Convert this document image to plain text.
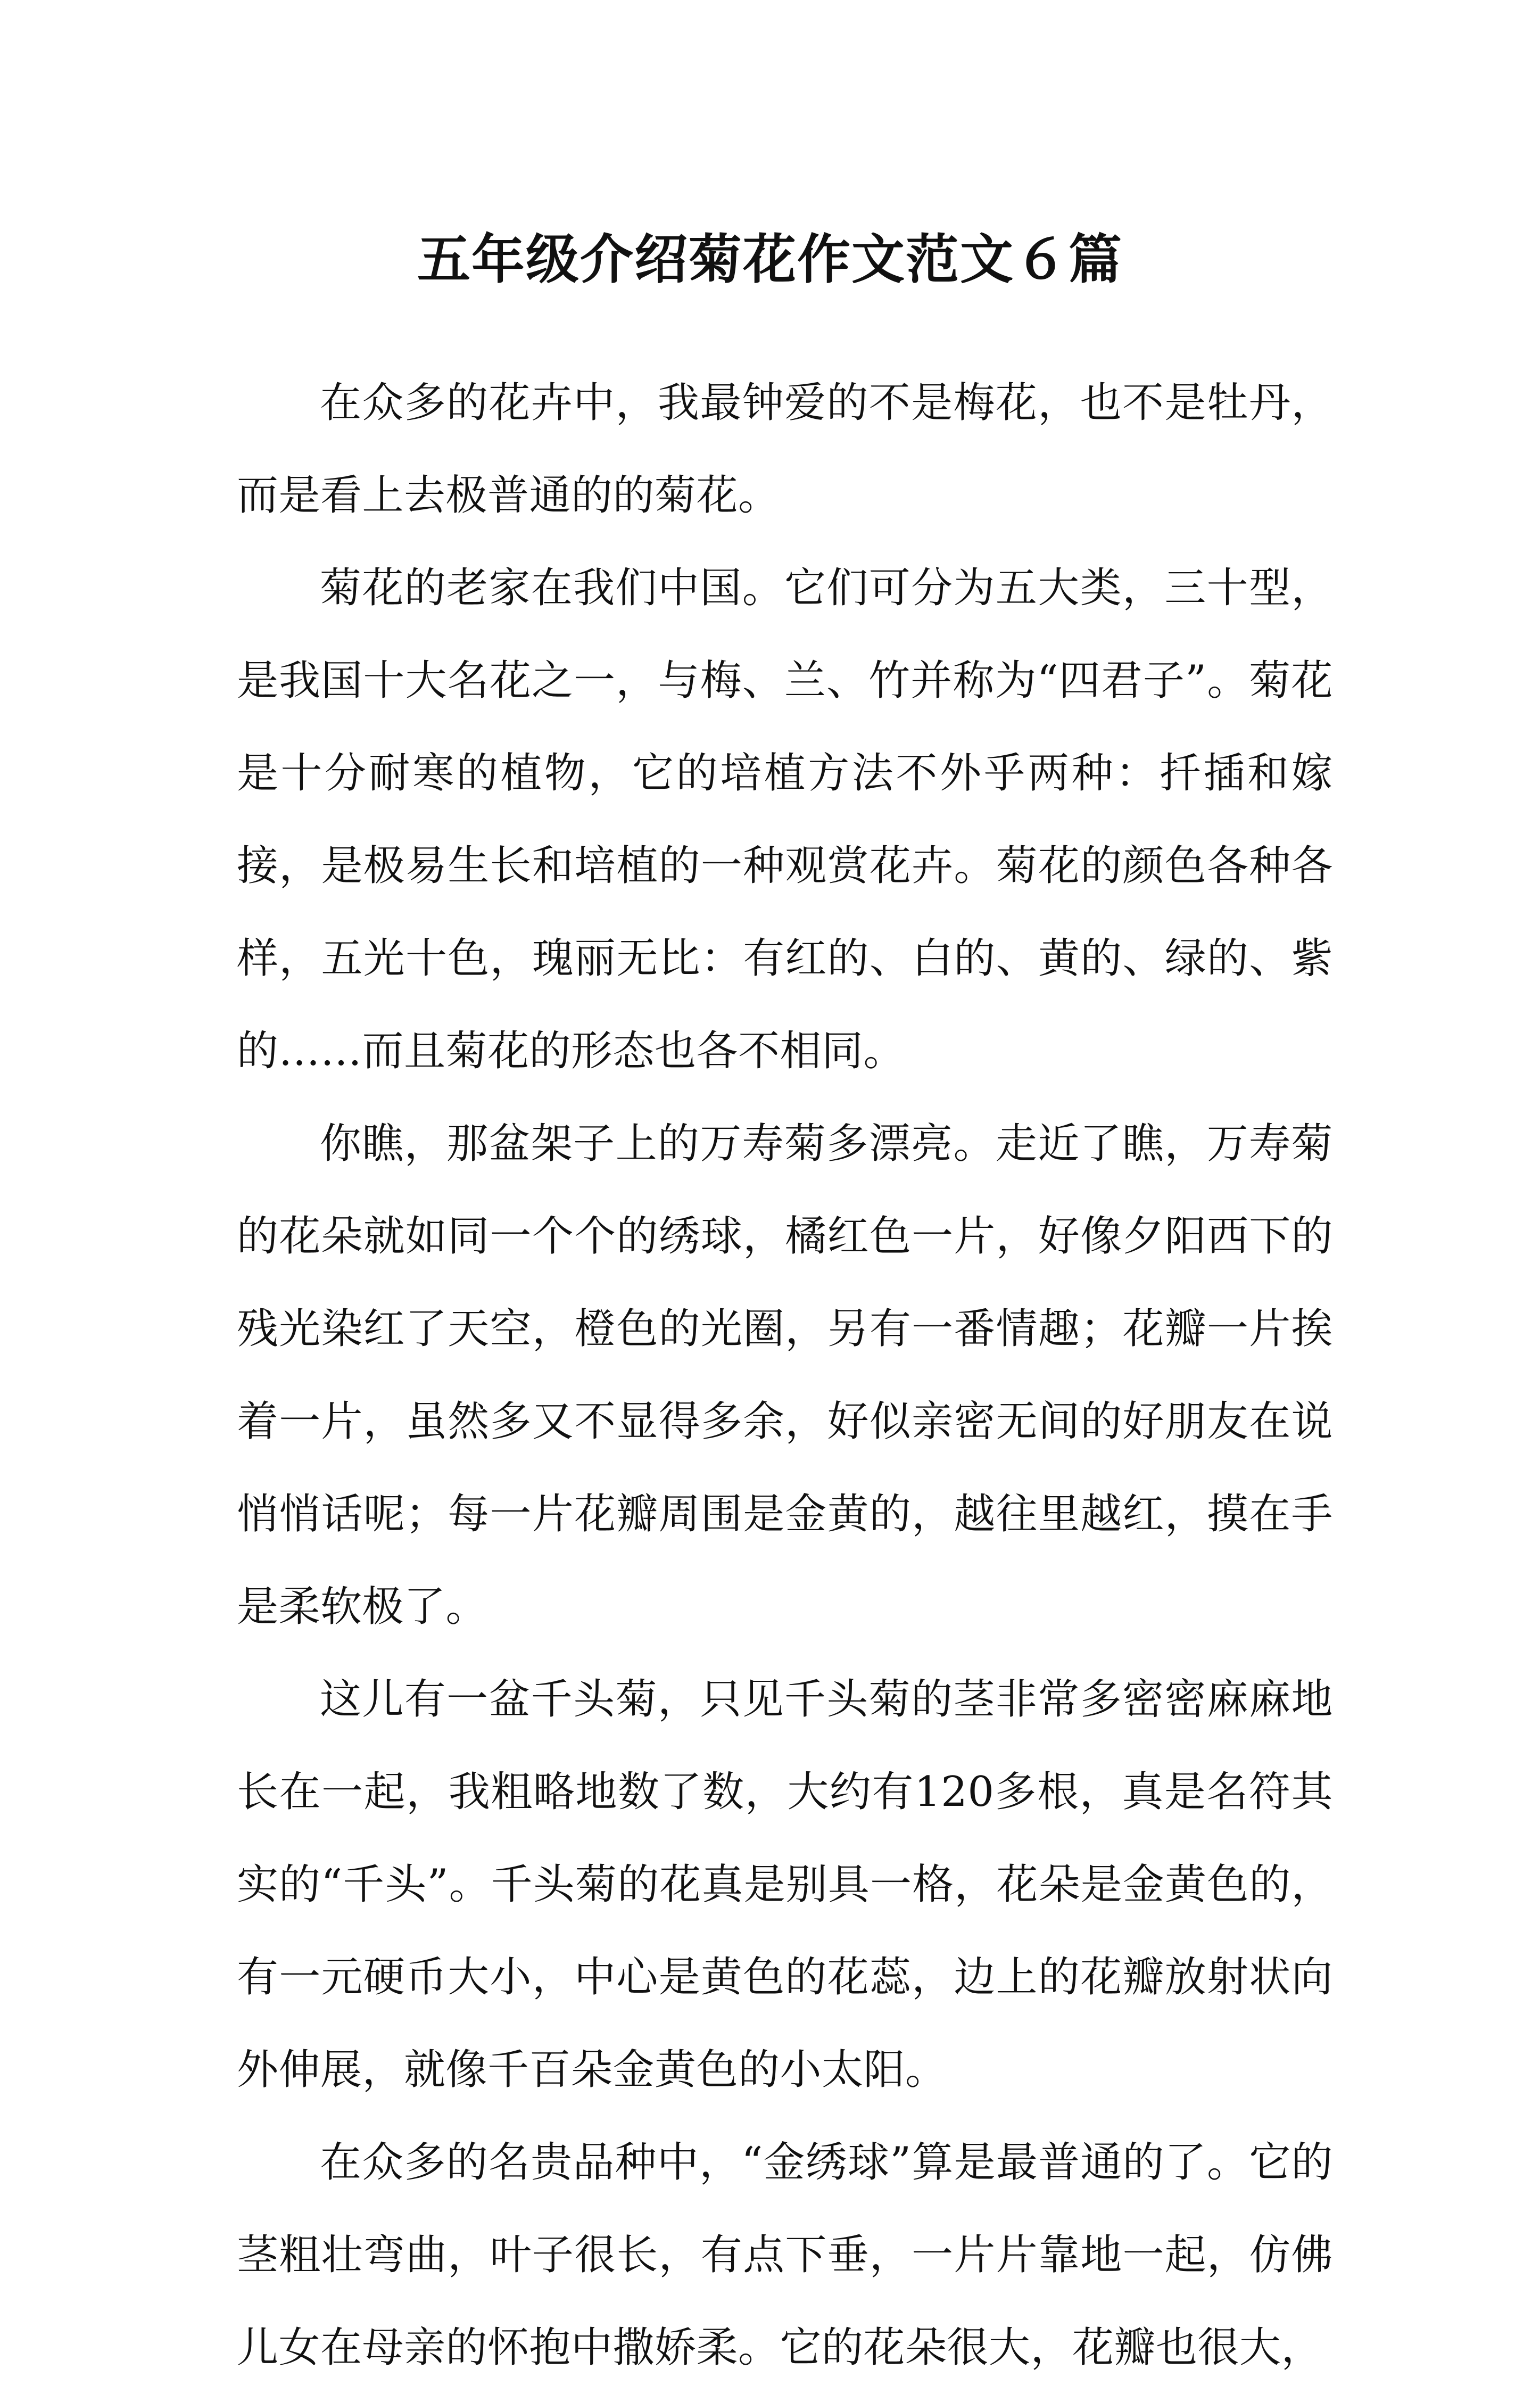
五年级介绍菊花作文范文６篇

在众多的花卉中，我最钟爱的不是梅花，也不是牡丹，而是看上去极普通的的菊花。

菊花的老家在我们中国。它们可分为五大类，三十型，是我国十大名花之一，与梅、兰、竹并称为“四君子”。菊花是十分耐寒的植物，它的培植方法不外乎两种：扦插和嫁接，是极易生长和培植的一种观赏花卉。菊花的颜色各种各样，五光十色，瑰丽无比：有红的、白的、黄的、绿的、紫的……而且菊花的形态也各不相同。

你瞧，那盆架子上的万寿菊多漂亮。走近了瞧，万寿菊的花朵就如同一个个的绣球，橘红色一片，好像夕阳西下的残光染红了天空，橙色的光圈，另有一番情趣；花瓣一片挨着一片，虽然多又不显得多余，好似亲密无间的好朋友在说悄悄话呢；每一片花瓣周围是金黄的，越往里越红，摸在手是柔软极了。

这儿有一盆千头菊，只见千头菊的茎非常多密密麻麻地长在一起，我粗略地数了数，大约有120多根，真是名符其实的“千头”。千头菊的花真是别具一格，花朵是金黄色的，有一元硬币大小，中心是黄色的花蕊，边上的花瓣放射状向外伸展，就像千百朵金黄色的小太阳。

在众多的名贵品种中，“金绣球”算是最普通的了。它的茎粗壮弯曲，叶子很长，有点下垂，一片片靠地一起，仿佛儿女在母亲的怀抱中撒娇柔。它的花朵很大，花瓣也很大，
